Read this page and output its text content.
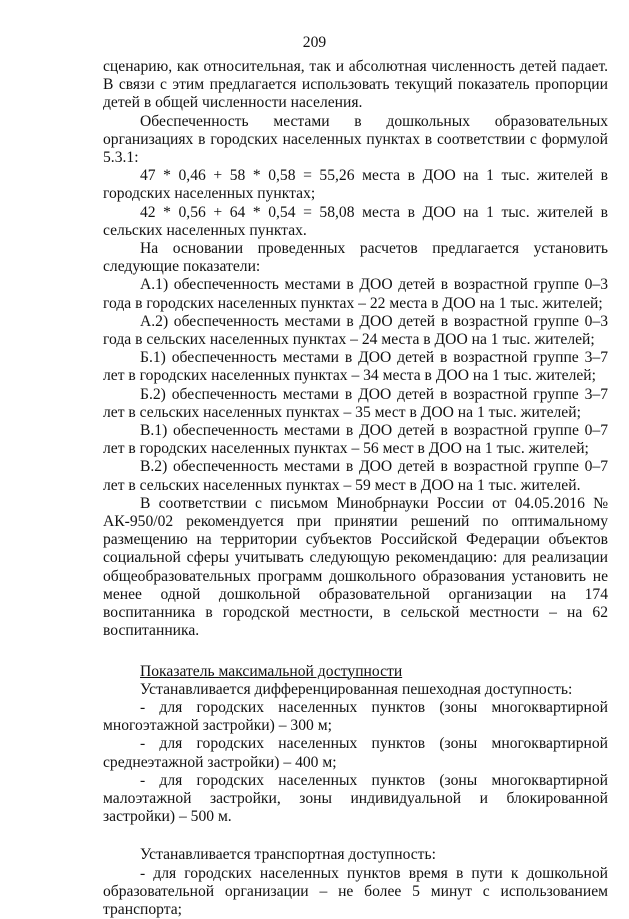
209

сценарию, как относительная, так и абсолютная численность детей падает. В связи с этим предлагается использовать текущий показатель пропорции детей в общей численности населения.

Обеспеченность местами в дошкольных образовательных организациях в городских населенных пунктах в соответствии с формулой 5.3.1:

47 * 0,46 + 58 * 0,58 = 55,26 места в ДОО на 1 тыс. жителей в городских населенных пунктах;

42 * 0,56 + 64 * 0,54 = 58,08 места в ДОО на 1 тыс. жителей в сельских населенных пунктах.

На основании проведенных расчетов предлагается установить следующие показатели:

А.1) обеспеченность местами в ДОО детей в возрастной группе 0–3 года в городских населенных пунктах – 22 места в ДОО на 1 тыс. жителей;

А.2) обеспеченность местами в ДОО детей в возрастной группе 0–3 года в сельских населенных пунктах – 24 места в ДОО на 1 тыс. жителей;

Б.1) обеспеченность местами в ДОО детей в возрастной группе 3–7 лет в городских населенных пунктах – 34 места в ДОО на 1 тыс. жителей;

Б.2) обеспеченность местами в ДОО детей в возрастной группе 3–7 лет в сельских населенных пунктах – 35 мест в ДОО на 1 тыс. жителей;

В.1) обеспеченность местами в ДОО детей в возрастной группе 0–7 лет в городских населенных пунктах – 56 мест в ДОО на 1 тыс. жителей;

В.2) обеспеченность местами в ДОО детей в возрастной группе 0–7 лет в сельских населенных пунктах – 59 мест в ДОО на 1 тыс. жителей.

В соответствии с письмом Минобрнауки России от 04.05.2016 № АК-950/02 рекомендуется при принятии решений по оптимальному размещению на территории субъектов Российской Федерации объектов социальной сферы учитывать следующую рекомендацию: для реализации общеобразовательных программ дошкольного образования установить не менее одной дошкольной образовательной организации на 174 воспитанника в городской местности, в сельской местности – на 62 воспитанника.

Показатель максимальной доступности

Устанавливается дифференцированная пешеходная доступность:

- для городских населенных пунктов (зоны многоквартирной многоэтажной застройки) – 300 м;

- для городских населенных пунктов (зоны многоквартирной среднеэтажной застройки) – 400 м;

- для городских населенных пунктов (зоны многоквартирной малоэтажной застройки, зоны индивидуальной и блокированной застройки) – 500 м.

Устанавливается транспортная доступность:

- для городских населенных пунктов время в пути к дошкольной образовательной организации – не более 5 минут с использованием транспорта;
